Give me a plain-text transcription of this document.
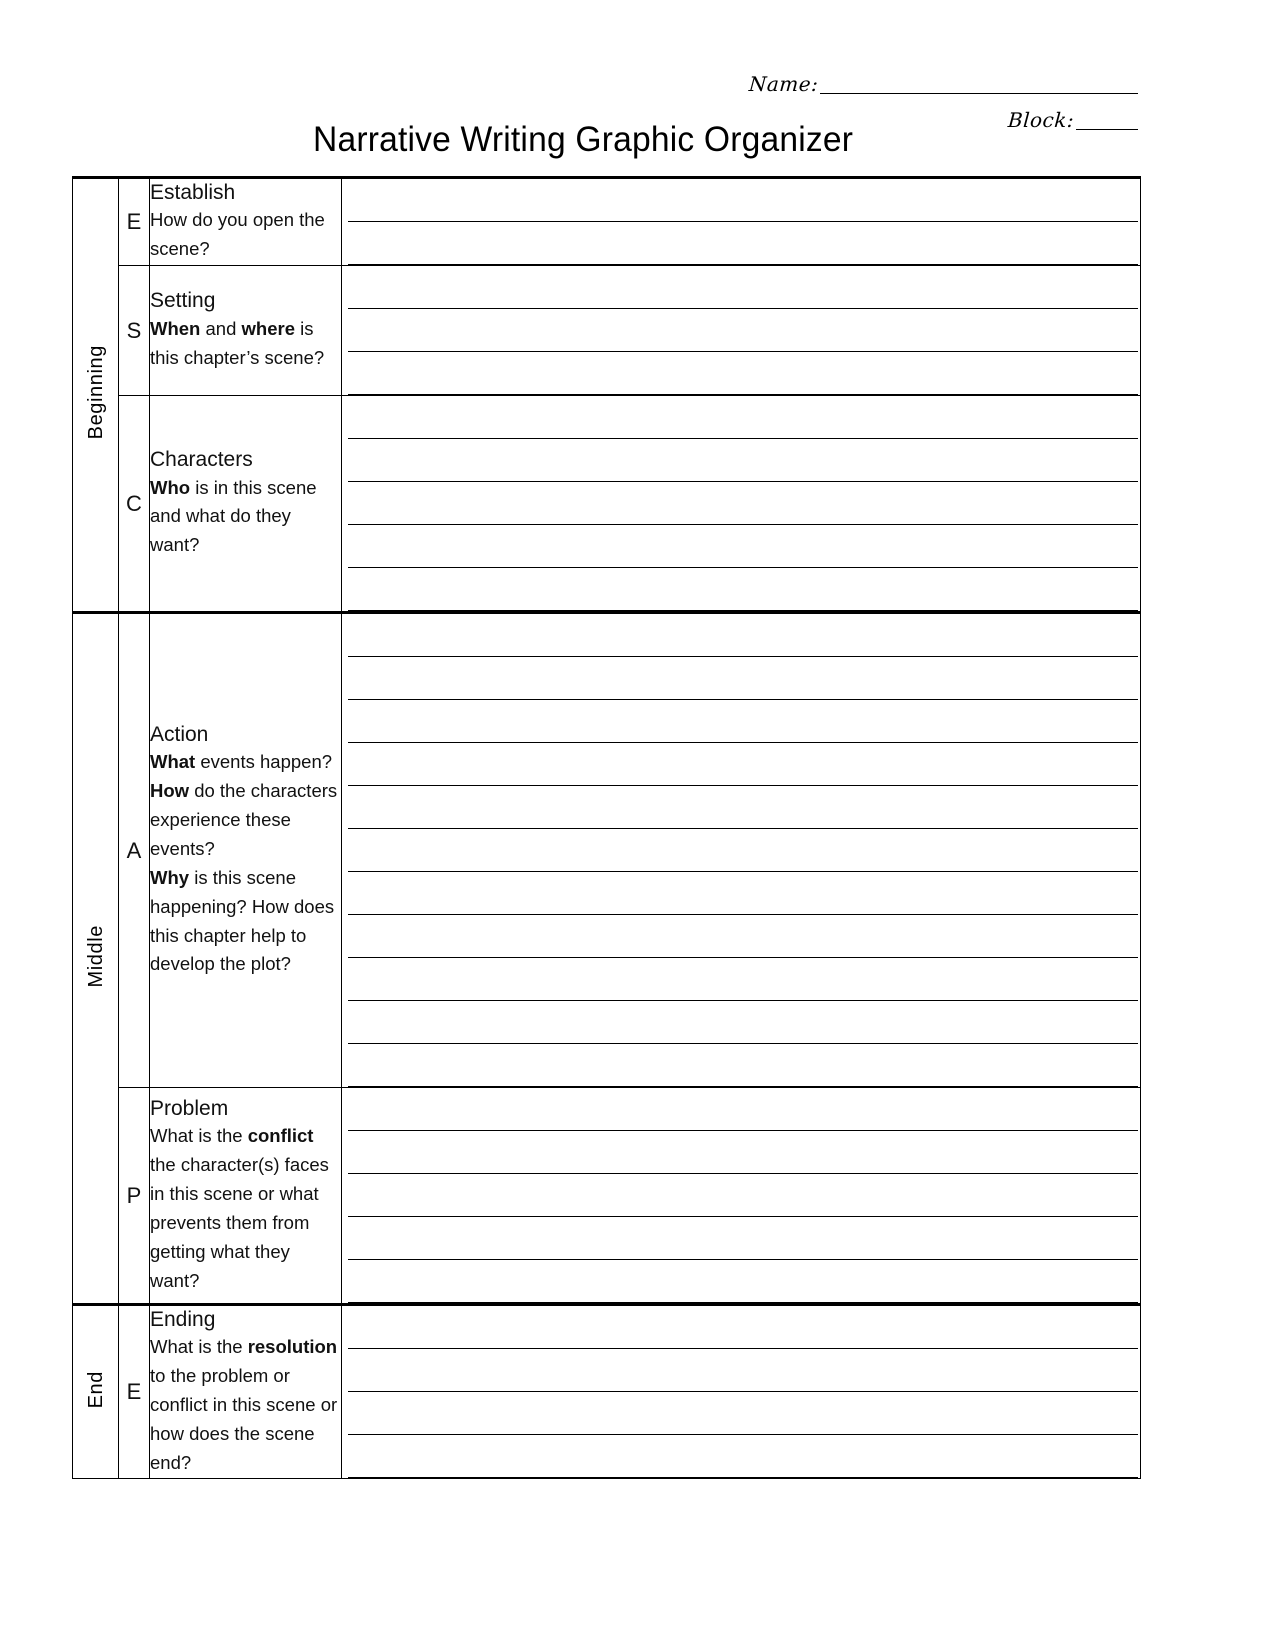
Name:
Block:
Narrative Writing Graphic Organizer
Beginning	E	Establish
How do you open the scene?	

	S	Setting
When and where is this chapter’s scene?	

	C	Characters
Who is in this scene and what do they want?	

Middle	A	Action
What events happen?
How do the characters experience these events?
Why is this scene happening? How does this chapter help to develop the plot?	

	P	Problem
What is the conflict the character(s) faces in this scene or what prevents them from getting what they want?	

End	E	Ending
What is the resolution to the problem or conflict in this scene or how does the scene end?	
